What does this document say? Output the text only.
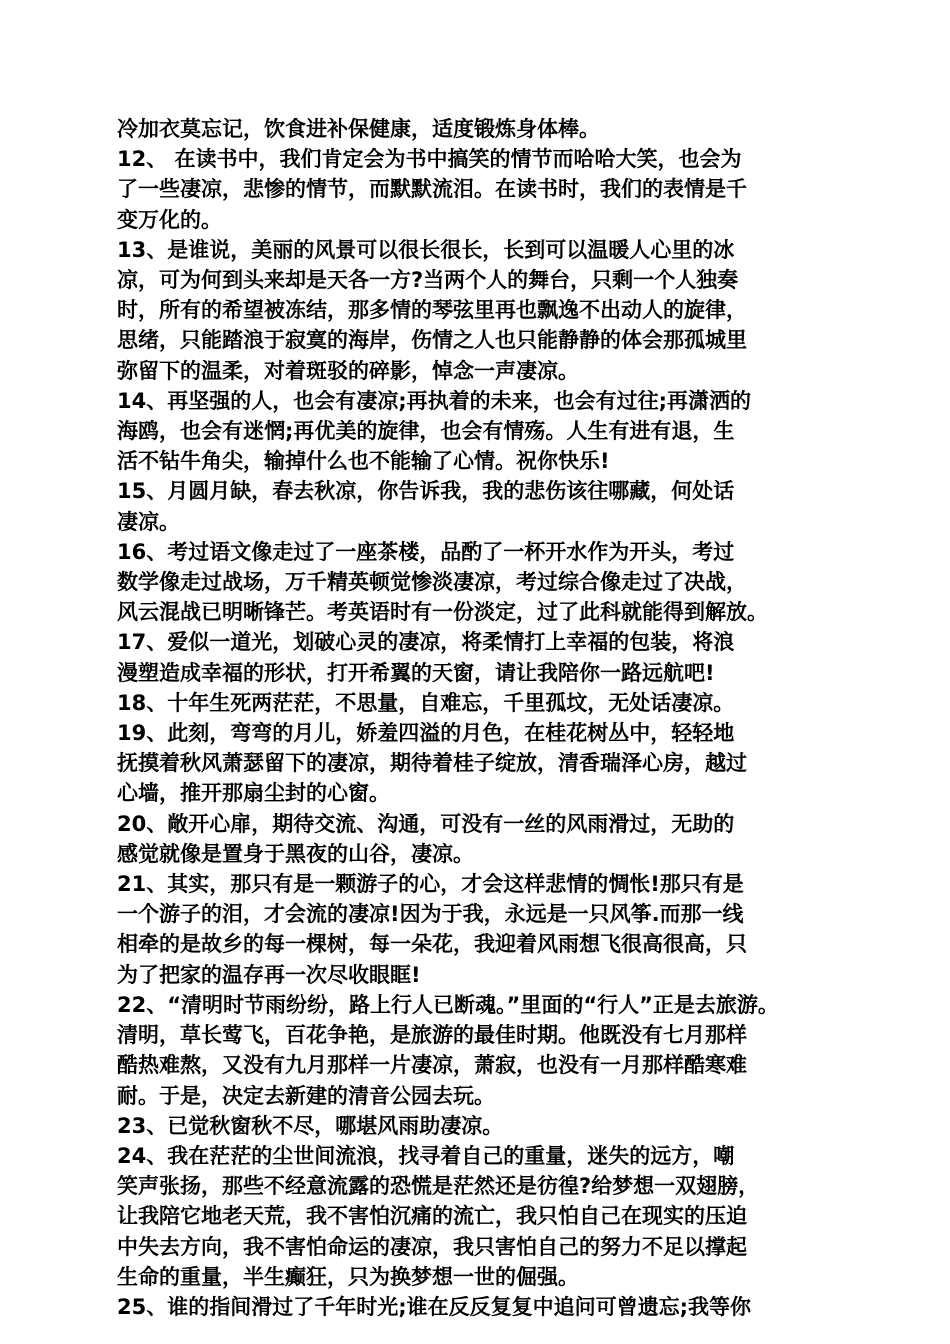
冷加衣莫忘记，饮食进补保健康，适度锻炼身体棒。

12、 在读书中，我们肯定会为书中搞笑的情节而哈哈大笑，也会为
了一些凄凉，悲惨的情节，而默默流泪。在读书时，我们的表情是千
变万化的。

13、是谁说，美丽的风景可以很长很长，长到可以温暖人心里的冰
凉，可为何到头来却是天各一方?当两个人的舞台，只剩一个人独奏
时，所有的希望被冻结，那多情的琴弦里再也飘逸不出动人的旋律，
思绪，只能踏浪于寂寞的海岸，伤情之人也只能静静的体会那孤城里
弥留下的温柔，对着斑驳的碎影，悼念一声凄凉。

14、再坚强的人，也会有凄凉;再执着的未来，也会有过往;再潇洒的
海鸥，也会有迷惘;再优美的旋律，也会有情殇。人生有进有退，生
活不钻牛角尖，输掉什么也不能输了心情。祝你快乐!

15、月圆月缺，春去秋凉，你告诉我，我的悲伤该往哪藏，何处话
凄凉。

16、考过语文像走过了一座茶楼，品酌了一杯开水作为开头，考过
数学像走过战场，万千精英顿觉惨淡凄凉，考过综合像走过了决战，
风云混战已明晰锋芒。考英语时有一份淡定，过了此科就能得到解放。

17、爱似一道光，划破心灵的凄凉，将柔情打上幸福的包装，将浪
漫塑造成幸福的形状，打开希翼的天窗，请让我陪你一路远航吧!

18、十年生死两茫茫，不思量，自难忘，千里孤坟，无处话凄凉。

19、此刻，弯弯的月儿，娇羞四溢的月色，在桂花树丛中，轻轻地
抚摸着秋风萧瑟留下的凄凉，期待着桂子绽放，清香瑞泽心房，越过
心墙，推开那扇尘封的心窗。

20、敞开心扉，期待交流、沟通，可没有一丝的风雨滑过，无助的
感觉就像是置身于黑夜的山谷，凄凉。

21、其实，那只有是一颗游子的心，才会这样悲情的惆怅!那只有是
一个游子的泪，才会流的凄凉!因为于我，永远是一只风筝.而那一线
相牵的是故乡的每一棵树，每一朵花，我迎着风雨想飞很高很高，只
为了把家的温存再一次尽收眼眶!

22、“清明时节雨纷纷，路上行人已断魂。”里面的“行人”正是去旅游。
清明，草长莺飞，百花争艳，是旅游的最佳时期。他既没有七月那样
酷热难熬，又没有九月那样一片凄凉，萧寂，也没有一月那样酷寒难
耐。于是，决定去新建的清音公园去玩。

23、已觉秋窗秋不尽，哪堪风雨助凄凉。

24、我在茫茫的尘世间流浪，找寻着自己的重量，迷失的远方，嘲
笑声张扬，那些不经意流露的恐慌是茫然还是彷徨?给梦想一双翅膀，
让我陪它地老天荒，我不害怕沉痛的流亡，我只怕自己在现实的压迫
中失去方向，我不害怕命运的凄凉，我只害怕自己的努力不足以撑起
生命的重量，半生癫狂，只为换梦想一世的倔强。

25、谁的指间滑过了千年时光;谁在反反复复中追问可曾遗忘;我等你
